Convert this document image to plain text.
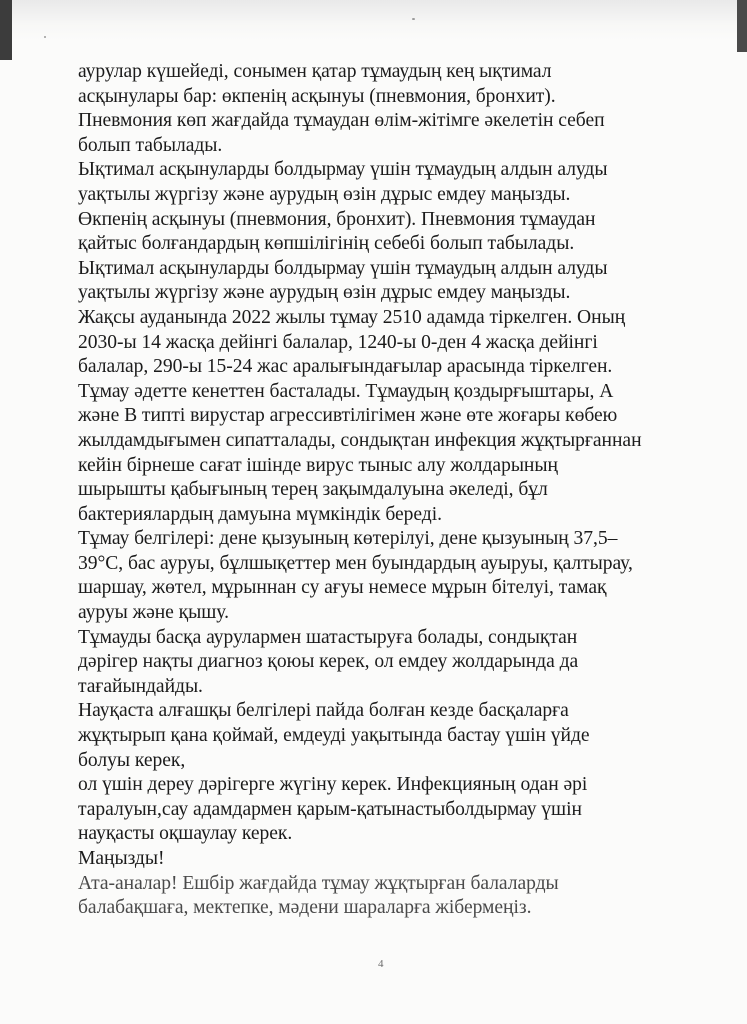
аурулар күшейеді, сонымен қатар тұмаудың кең ықтимал
асқынулары бар: өкпенің асқынуы (пневмония, бронхит).
Пневмония көп жағдайда тұмаудан өлім-жітімге әкелетін себеп
болып табылады.
Ықтимал асқынуларды болдырмау үшін тұмаудың алдын алуды
уақтылы жүргізу және аурудың өзін дұрыс емдеу маңызды.
Өкпенің асқынуы (пневмония, бронхит). Пневмония тұмаудан
қайтыс болғандардың көпшілігінің себебі болып табылады.
Ықтимал асқынуларды болдырмау үшін тұмаудың алдын алуды
уақтылы жүргізу және аурудың өзін дұрыс емдеу маңызды.
Жақсы ауданында 2022 жылы тұмау 2510 адамда тіркелген. Оның
2030-ы 14 жасқа дейінгі балалар, 1240-ы 0-ден 4 жасқа дейінгі
балалар, 290-ы 15-24 жас аралығындағылар арасында тіркелген.
Тұмау әдетте кенеттен басталады. Тұмаудың қоздырғыштары, А
және В типті вирустар агрессивтілігімен және өте жоғары көбею
жылдамдығымен сипатталады, сондықтан инфекция жұқтырғаннан
кейін бірнеше сағат ішінде вирус тыныс алу жолдарының
шырышты қабығының терең зақымдалуына әкеледі, бұл
бактериялардың дамуына мүмкіндік береді.
Тұмау белгілері: дене қызуының көтерілуі, дене қызуының 37,5–
39°С, бас ауруы, бұлшықеттер мен буындардың ауыруы, қалтырау,
шаршау, жөтел, мұрыннан су ағуы немесе мұрын бітелуі, тамақ
ауруы және қышу.
Тұмауды басқа аурулармен шатастыруға болады, сондықтан
дәрігер нақты диагноз қоюы керек, ол емдеу жолдарында да
тағайындайды.
Науқаста алғашқы белгілері пайда болған кезде басқаларға
жұқтырып қана қоймай, емдеуді уақытында бастау үшін үйде
болуы керек,
ол үшін дереу дәрігерге жүгіну керек. Инфекцияның одан әрі
таралуын,сау адамдармен қарым-қатынастыболдырмау үшін
науқасты оқшаулау керек.
Маңызды!
Ата-аналар! Ешбір жағдайда тұмау жұқтырған балаларды
балабақшаға, мектепке, мәдени шараларға жібермеңіз.
4
